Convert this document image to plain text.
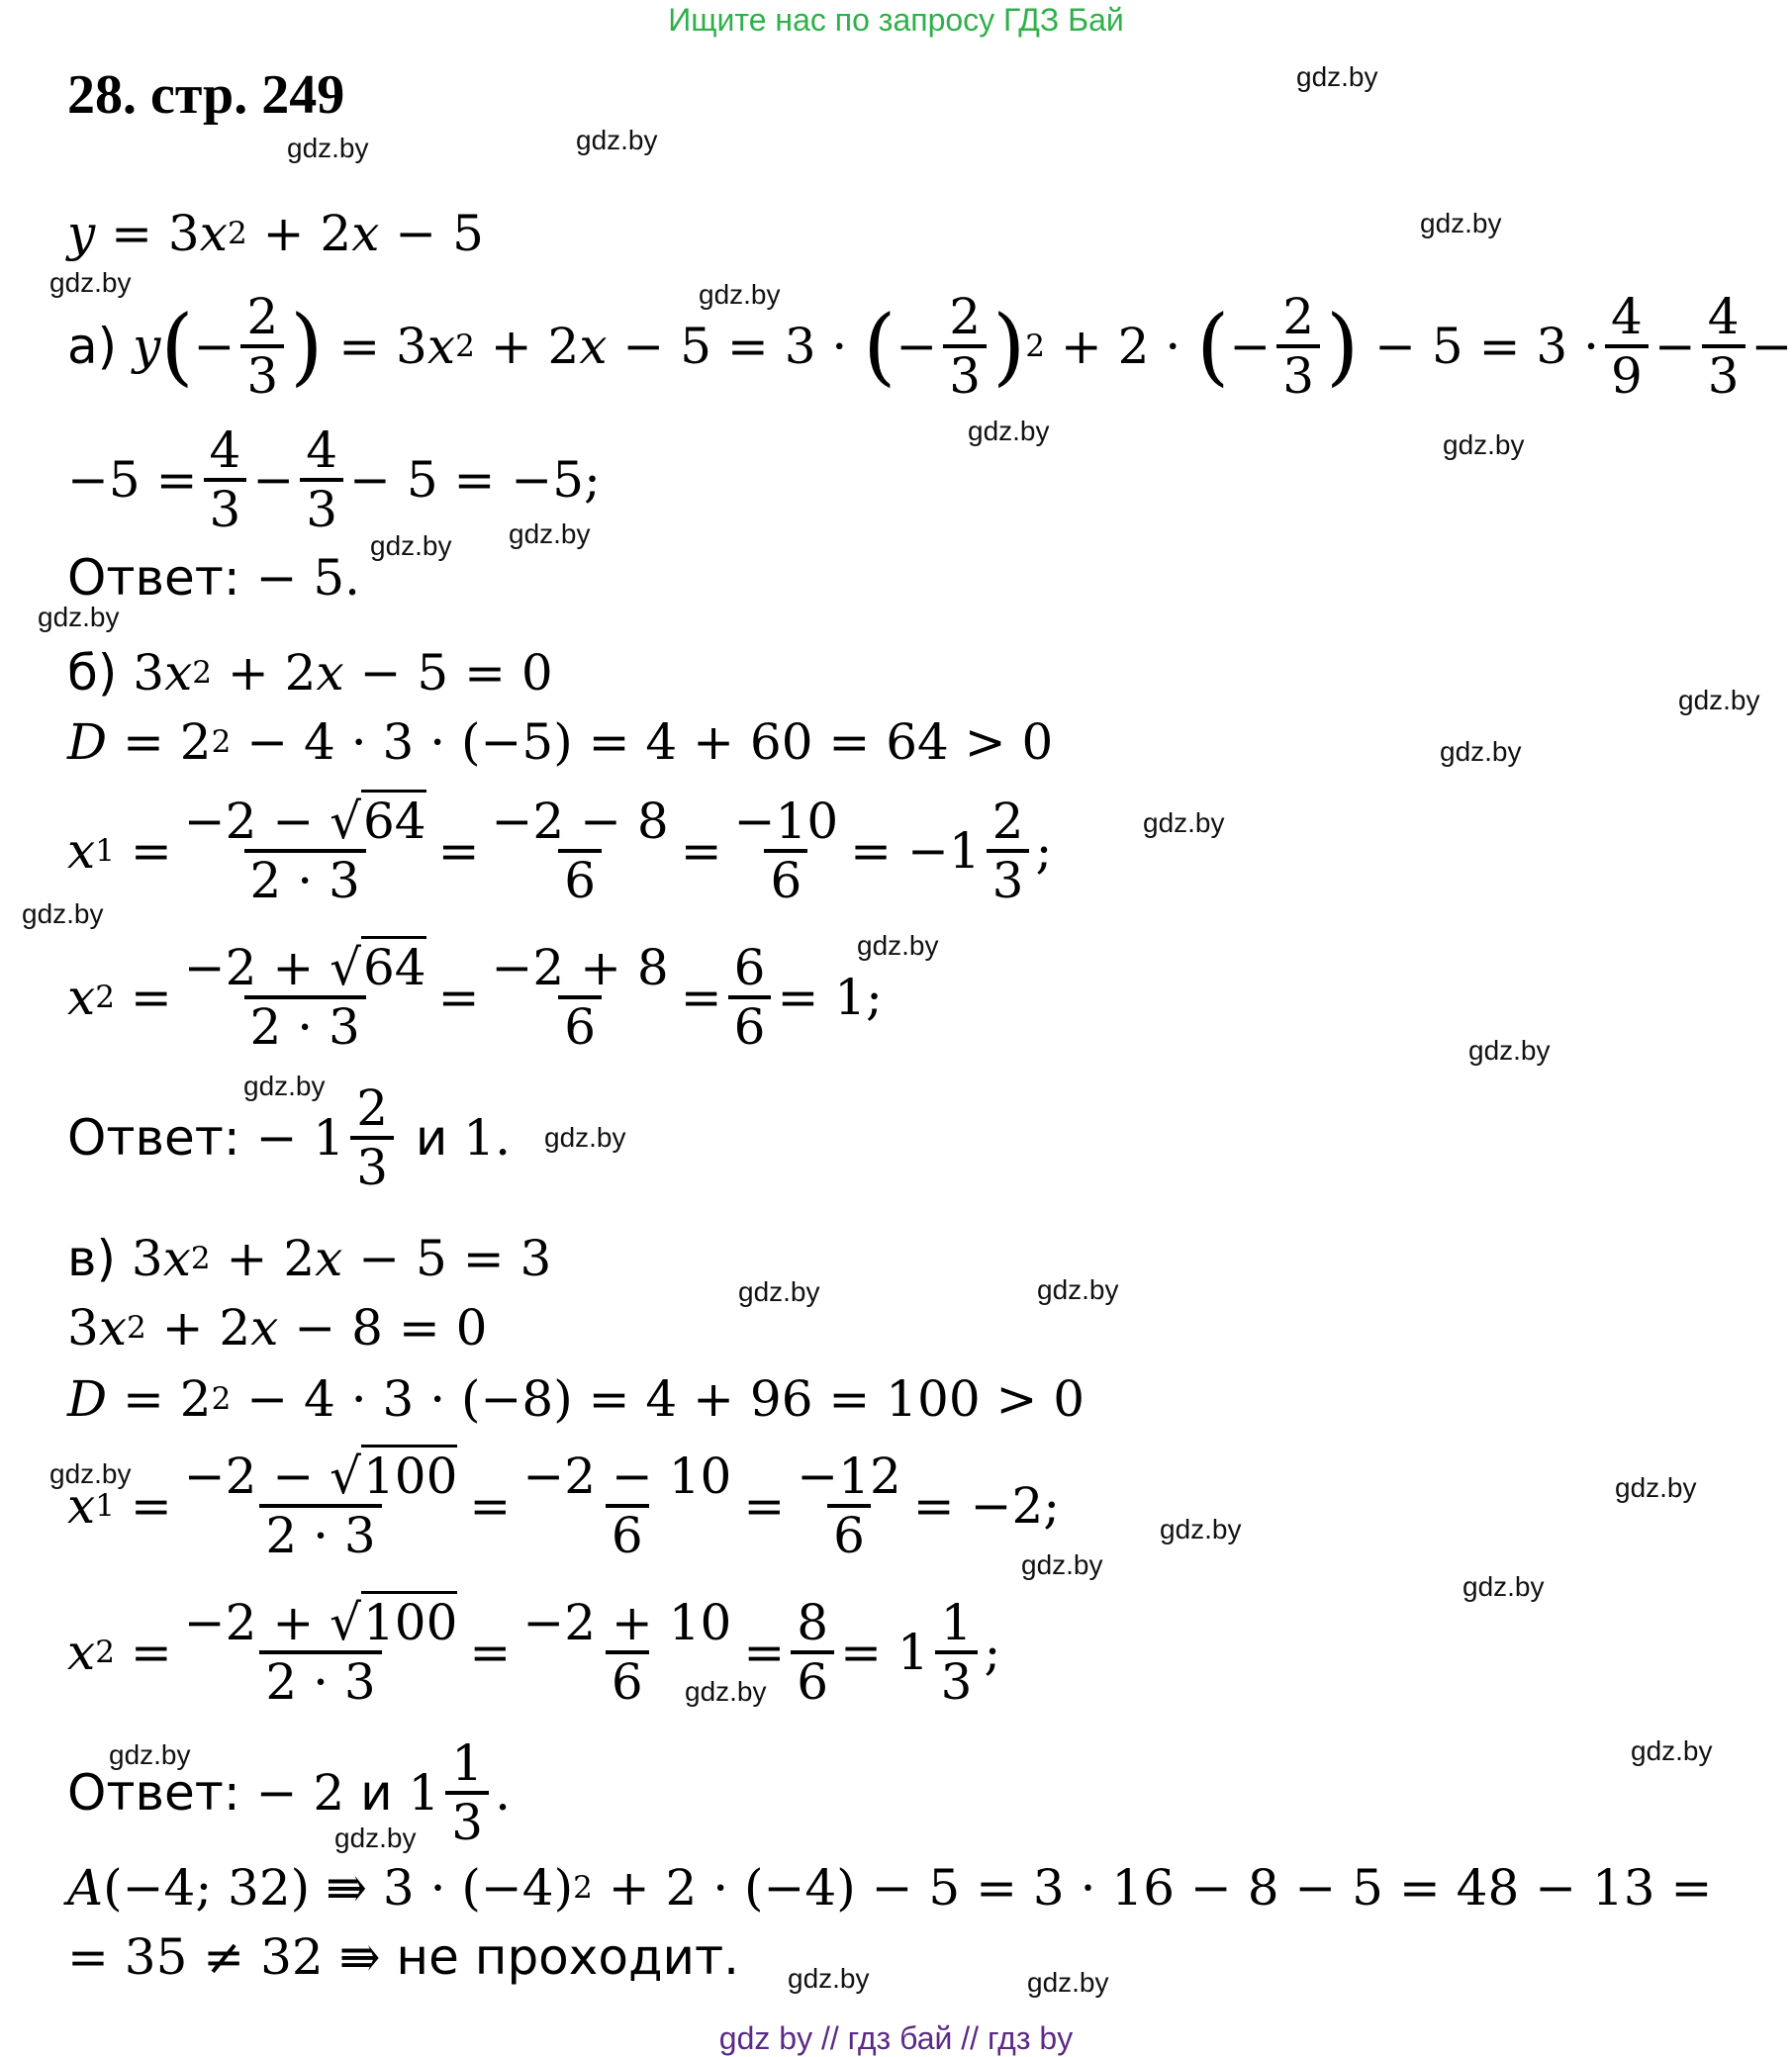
Ищите нас по запросу ГДЗ Бай
28. стр. 249
y = 3 x 2 + 2 x − 5
а)
y ( − $\frac{2}{3}$ ) = 3 x 2 + 2 x − 5 = 3 · ( − $\frac{2}{3}$ ) 2 + 2 · ( − $\frac{2}{3}$ ) − $5 = 3 \cdot \frac{4}{9} - \frac{4}{3}$ −
$-5 = \frac{4}{3} - \frac{4}{3} - 5 = -5$;
Ответ: − 5.
б) 3 x 2 + 2 x − 5 = 0
D = 2 2 − 4 · 3 · (−5) = 4 + 60 = 64 > 0
x $1 = \frac{-2 - √64}{2 \cdot 3} = \frac{-2 - 8}{6} = \frac{-10}{6} = -1 \frac{2}{3}$ ;
x $2 = \frac{-2 + √64}{2 \cdot 3} = \frac{-2 + 8}{6} = \frac{6}{6} = 1$;
Ответ: − $1 \frac{2}{3}$
и 1.
в) 3 x 2 + 2 x − 5 = 3
3 x 2 + 2 x − 8 = 0
D = 2 2 − 4 · 3 · (−8) = 4 + 96 = 100 > 0
x $1 = \frac{-2 - √100}{2 \cdot 3} = \frac{-2 - 10}{6} = \frac{-12}{6} = -2$;
x $2 = \frac{-2 + √100}{2 \cdot 3} = \frac{-2 + 10}{6} = \frac{8}{6} = 1 \frac{1}{3}$ ;
Ответ: − 2 и $1 \frac{1}{3}$ .
A (−4; 32) ⇛ 3 · (−4) 2 + 2 · (−4) − 5 = 3 · 16 − 8 − 5 = 48 − 13 =
= 35 ≠ 32 ⇛ не проходит.
gdz.by
gdz.by	gdz.by
gdz.by
gdz.by	gdz.by
gdz.by	gdz.by
gdz.by gdz.by
gdz.by
gdz.by
gdz.by
gdz.by
gdz.by
gdz.by
gdz.by
gdz.by
gdz.by
gdz.by	gdz.by
gdz.by	gdz.by
gdz.by
gdz.by
gdz.by
gdz.by
gdz.by	gdz.by
gdz.by
gdz.by	gdz.by
gdz by // гдз бай // гдз by
